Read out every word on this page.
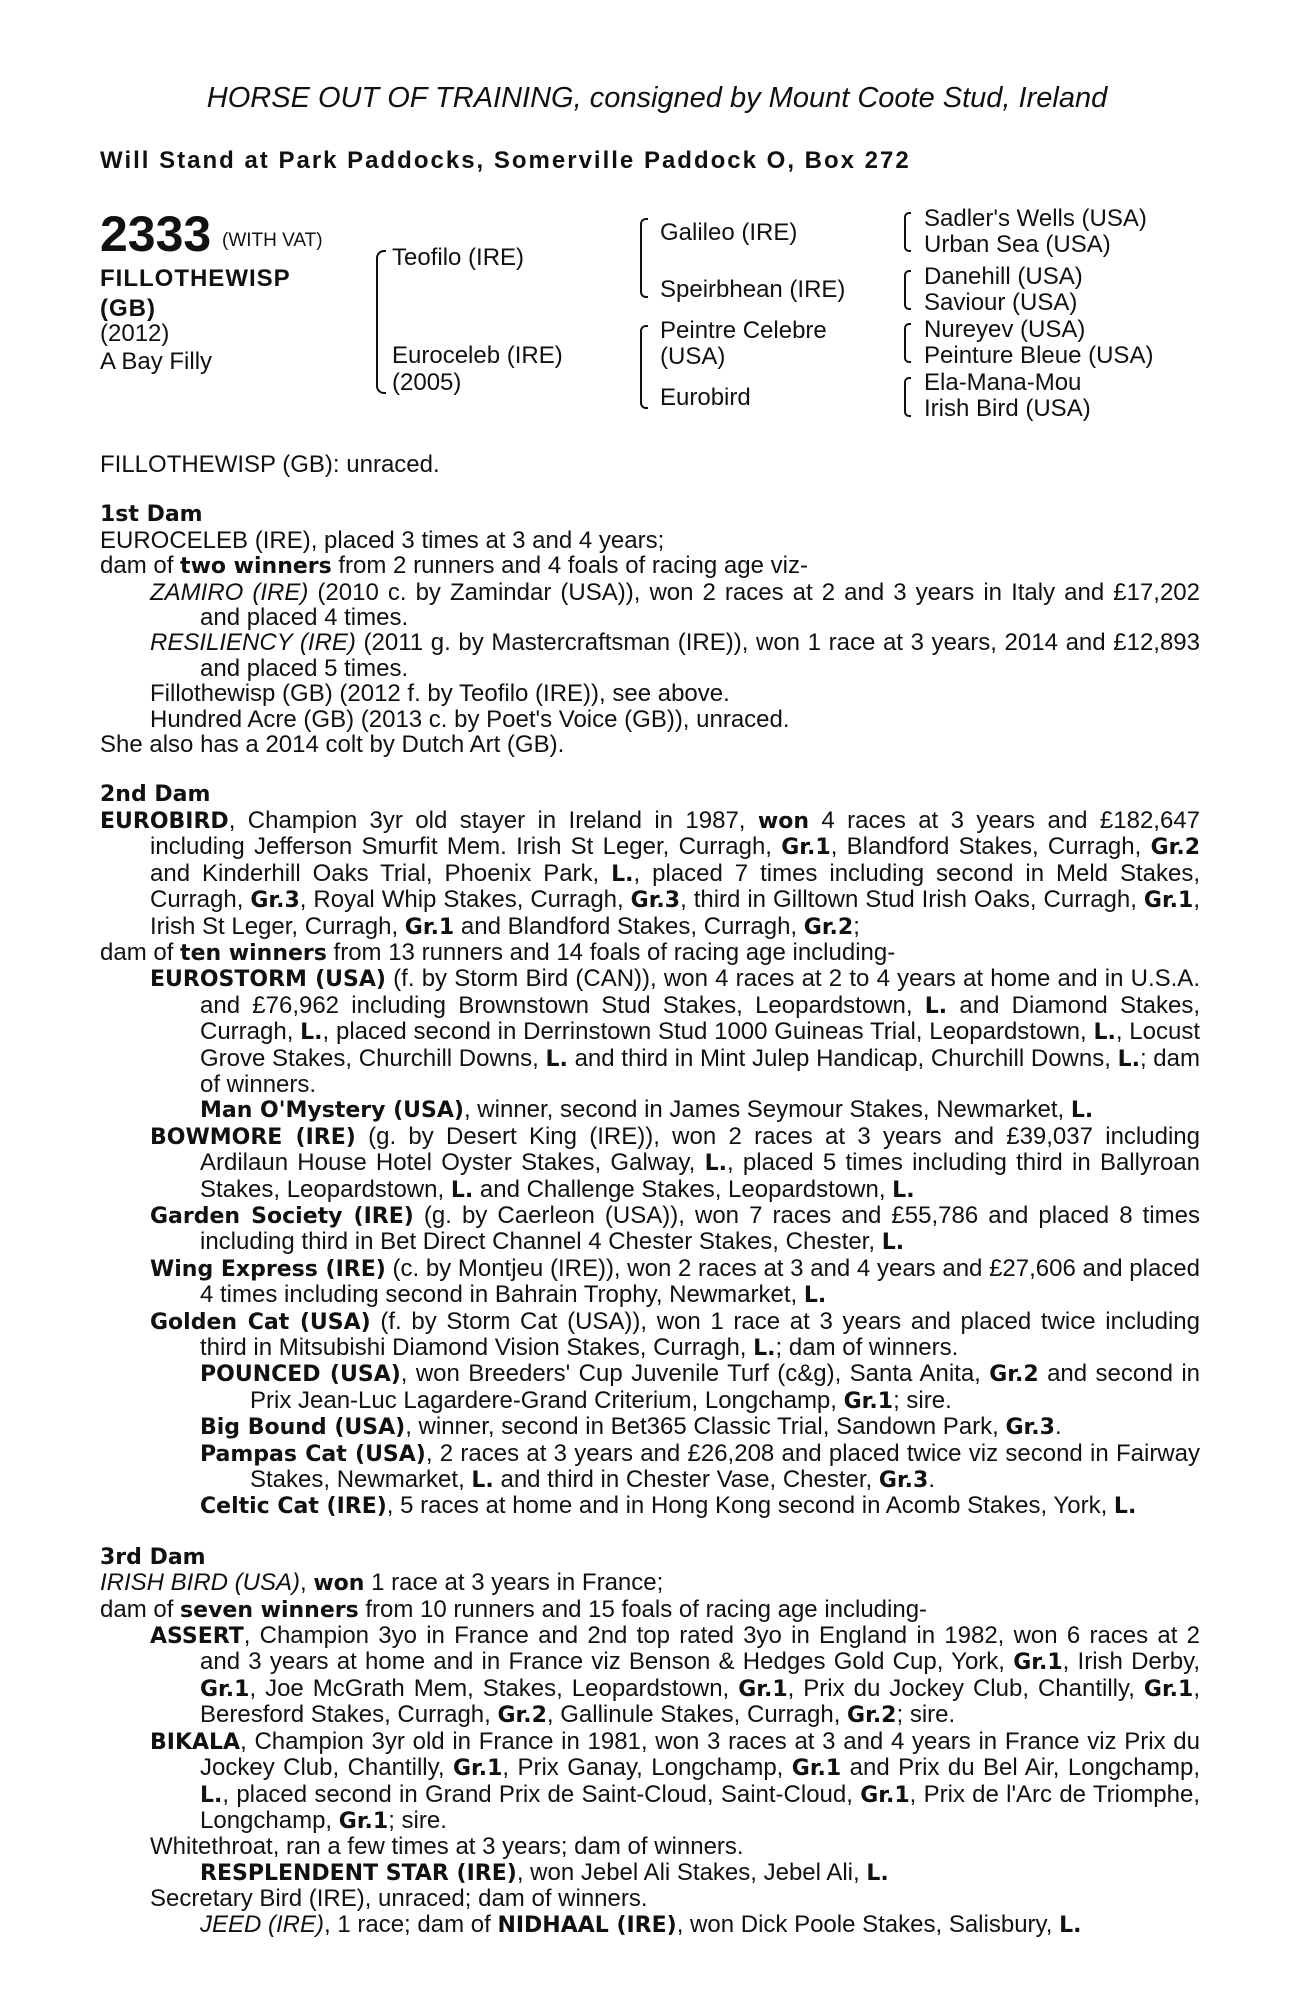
HORSE OUT OF TRAINING, consigned by Mount Coote Stud, Ireland
Will Stand at Park Paddocks, Somerville Paddock O, Box 272
2333 (WITH VAT)
FILLOTHEWISP
(GB)
(2012)
A Bay Filly
Teofilo (IRE)
Euroceleb (IRE)
(2005)
Galileo (IRE)
Speirbhean (IRE)
Peintre Celebre
(USA)
Eurobird
Sadler's Wells (USA)
Urban Sea (USA)
Danehill (USA)
Saviour (USA)
Nureyev (USA)
Peinture Bleue (USA)
Ela-Mana-Mou
Irish Bird (USA)

FILLOTHEWISP (GB): unraced.

1st Dam

EUROCELEB (IRE), placed 3 times at 3 and 4 years;

dam of two winners from 2 runners and 4 foals of racing age viz-

ZAMIRO (IRE) (2010 c. by Zamindar (USA)), won 2 races at 2 and 3 years in Italy and £17,202 and placed 4 times.

RESILIENCY (IRE) (2011 g. by Mastercraftsman (IRE)), won 1 race at 3 years, 2014 and £12,893 and placed 5 times.

Fillothewisp (GB) (2012 f. by Teofilo (IRE)), see above.

Hundred Acre (GB) (2013 c. by Poet's Voice (GB)), unraced.

She also has a 2014 colt by Dutch Art (GB).

2nd Dam

EUROBIRD, Champion 3yr old stayer in Ireland in 1987, won 4 races at 3 years and £182,647 including Jefferson Smurfit Mem. Irish St Leger, Curragh, Gr.1, Blandford Stakes, Curragh, Gr.2 and Kinderhill Oaks Trial, Phoenix Park, L., placed 7 times including second in Meld Stakes, Curragh, Gr.3, Royal Whip Stakes, Curragh, Gr.3, third in Gilltown Stud Irish Oaks, Curragh, Gr.1, Irish St Leger, Curragh, Gr.1 and Blandford Stakes, Curragh, Gr.2;

dam of ten winners from 13 runners and 14 foals of racing age including-

EUROSTORM (USA) (f. by Storm Bird (CAN)), won 4 races at 2 to 4 years at home and in U.S.A. and £76,962 including Brownstown Stud Stakes, Leopardstown, L. and Diamond Stakes, Curragh, L., placed second in Derrinstown Stud 1000 Guineas Trial, Leopardstown, L., Locust Grove Stakes, Churchill Downs, L. and third in Mint Julep Handicap, Churchill Downs, L.; dam of winners.

Man O'Mystery (USA), winner, second in James Seymour Stakes, Newmarket, L.

BOWMORE (IRE) (g. by Desert King (IRE)), won 2 races at 3 years and £39,037 including Ardilaun House Hotel Oyster Stakes, Galway, L., placed 5 times including third in Ballyroan Stakes, Leopardstown, L. and Challenge Stakes, Leopardstown, L.

Garden Society (IRE) (g. by Caerleon (USA)), won 7 races and £55,786 and placed 8 times including third in Bet Direct Channel 4 Chester Stakes, Chester, L.

Wing Express (IRE) (c. by Montjeu (IRE)), won 2 races at 3 and 4 years and £27,606 and placed 4 times including second in Bahrain Trophy, Newmarket, L.

Golden Cat (USA) (f. by Storm Cat (USA)), won 1 race at 3 years and placed twice including third in Mitsubishi Diamond Vision Stakes, Curragh, L.; dam of winners.

POUNCED (USA), won Breeders' Cup Juvenile Turf (c&g), Santa Anita, Gr.2 and second in Prix Jean-Luc Lagardere-Grand Criterium, Longchamp, Gr.1; sire.

Big Bound (USA), winner, second in Bet365 Classic Trial, Sandown Park, Gr.3.

Pampas Cat (USA), 2 races at 3 years and £26,208 and placed twice viz second in Fairway Stakes, Newmarket, L. and third in Chester Vase, Chester, Gr.3.

Celtic Cat (IRE), 5 races at home and in Hong Kong second in Acomb Stakes, York, L.

3rd Dam

IRISH BIRD (USA), won 1 race at 3 years in France;

dam of seven winners from 10 runners and 15 foals of racing age including-

ASSERT, Champion 3yo in France and 2nd top rated 3yo in England in 1982, won 6 races at 2 and 3 years at home and in France viz Benson & Hedges Gold Cup, York, Gr.1, Irish Derby, Gr.1, Joe McGrath Mem, Stakes, Leopardstown, Gr.1, Prix du Jockey Club, Chantilly, Gr.1, Beresford Stakes, Curragh, Gr.2, Gallinule Stakes, Curragh, Gr.2; sire.

BIKALA, Champion 3yr old in France in 1981, won 3 races at 3 and 4 years in France viz Prix du Jockey Club, Chantilly, Gr.1, Prix Ganay, Longchamp, Gr.1 and Prix du Bel Air, Longchamp, L., placed second in Grand Prix de Saint-Cloud, Saint-Cloud, Gr.1, Prix de l'Arc de Triomphe, Longchamp, Gr.1; sire.

Whitethroat, ran a few times at 3 years; dam of winners.

RESPLENDENT STAR (IRE), won Jebel Ali Stakes, Jebel Ali, L.

Secretary Bird (IRE), unraced; dam of winners.

JEED (IRE), 1 race; dam of NIDHAAL (IRE), won Dick Poole Stakes, Salisbury, L.
